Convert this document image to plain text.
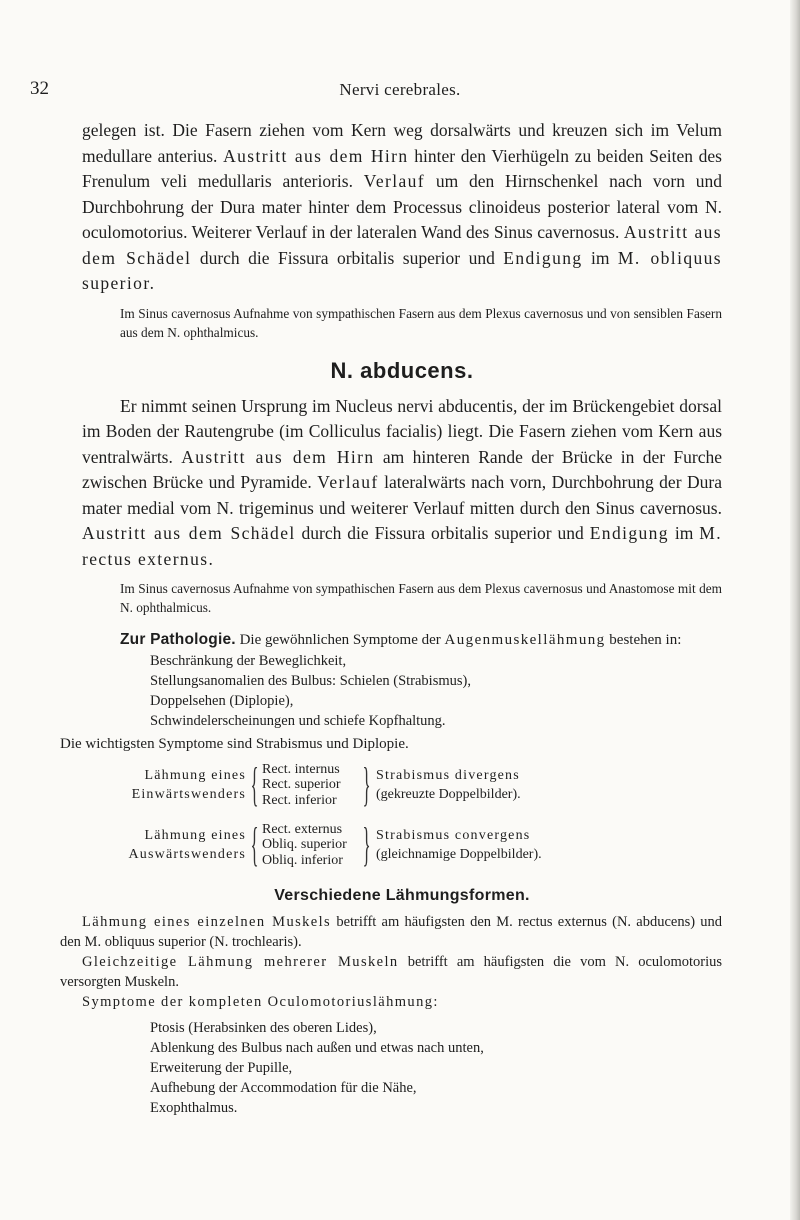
32	Nervi cerebrales.

gelegen ist. Die Fasern ziehen vom Kern weg dorsalwärts und kreuzen sich im Velum medullare anterius. Austritt aus dem Hirn hinter den Vierhügeln zu beiden Seiten des Frenulum veli medullaris anterioris. Verlauf um den Hirnschenkel nach vorn und Durchbohrung der Dura mater hinter dem Processus clinoideus posterior lateral vom N. oculomotorius. Weiterer Verlauf in der lateralen Wand des Sinus cavernosus. Austritt aus dem Schädel durch die Fissura orbitalis superior und Endigung im M. obliquus superior.

Im Sinus cavernosus Aufnahme von sympathischen Fasern aus dem Plexus cavernosus und von sensiblen Fasern aus dem N. ophthalmicus.

N. abducens.

Er nimmt seinen Ursprung im Nucleus nervi abducentis, der im Brückengebiet dorsal im Boden der Rautengrube (im Colliculus facialis) liegt. Die Fasern ziehen vom Kern aus ventralwärts. Austritt aus dem Hirn am hinteren Rande der Brücke in der Furche zwischen Brücke und Pyramide. Verlauf lateralwärts nach vorn, Durchbohrung der Dura mater medial vom N. trigeminus und weiterer Verlauf mitten durch den Sinus cavernosus. Austritt aus dem Schädel durch die Fissura orbitalis superior und Endigung im M. rectus externus.

Im Sinus cavernosus Aufnahme von sympathischen Fasern aus dem Plexus cavernosus und Anastomose mit dem N. ophthalmicus.

Zur Pathologie. Die gewöhnlichen Symptome der Augenmuskellähmung bestehen in:

Beschränkung der Beweglichkeit,
Stellungsanomalien des Bulbus: Schielen (Strabismus),
Doppelsehen (Diplopie),
Schwindelerscheinungen und schiefe Kopfhaltung.

Die wichtigsten Symptome sind Strabismus und Diplopie.

Lähmung eines
Einwärtswenders { Rect. internus
Rect. superior
Rect. inferior } Strabismus divergens
(gekreuzte Doppelbilder).
Lähmung eines
Auswärtswenders { Rect. externus
Obliq. superior
Obliq. inferior } Strabismus convergens
(gleichnamige Doppelbilder).
Verschiedene Lähmungsformen.

Lähmung eines einzelnen Muskels betrifft am häufigsten den M. rectus externus (N. abducens) und den M. obliquus superior (N. trochlearis).

Gleichzeitige Lähmung mehrerer Muskeln betrifft am häufigsten die vom N. oculomotorius versorgten Muskeln.

Symptome der kompleten Oculomotoriuslähmung:

Ptosis (Herabsinken des oberen Lides),
Ablenkung des Bulbus nach außen und etwas nach unten,
Erweiterung der Pupille,
Aufhebung der Accommodation für die Nähe,
Exophthalmus.
